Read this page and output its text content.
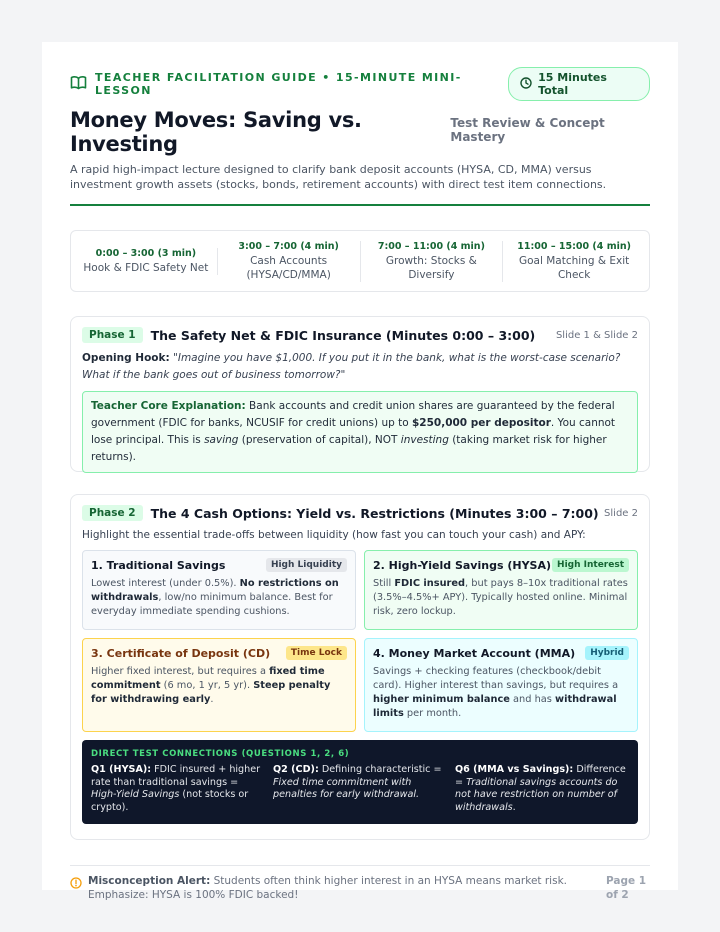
TEACHER FACILITATION GUIDE • 15-MINUTE MINI-LESSON
15 Minutes Total
Money Moves: Saving vs. Investing
Test Review & Concept Mastery

A rapid high-impact lecture designed to clarify bank deposit accounts (HYSA, CD, MMA) versus investment growth assets (stocks, bonds, retirement accounts) with direct test item connections.

0:00 – 3:00 (3 min)
Hook & FDIC Safety Net
3:00 – 7:00 (4 min)
Cash Accounts (HYSA/CD/MMA)
7:00 – 11:00 (4 min)
Growth: Stocks & Diversify
11:00 – 15:00 (4 min)
Goal Matching & Exit Check
Phase 1	The Safety Net & FDIC Insurance (Minutes 0:00 – 3:00) Slide 1 & Slide 2

Opening Hook: "Imagine you have $1,000. If you put it in the bank, what is the worst-case scenario? What if the bank goes out of business tomorrow?"

Teacher Core Explanation: Bank accounts and credit union shares are guaranteed by the federal government (FDIC for banks, NCUSIF for credit unions) up to $250,000 per depositor. You cannot lose principal. This is saving (preservation of capital), NOT investing (taking market risk for higher returns).
Phase 2	The 4 Cash Options: Yield vs. Restrictions (Minutes 3:00 – 7:00) Slide 2

Highlight the essential trade-offs between liquidity (how fast you can touch your cash) and APY:

1. Traditional Savings	High Liquidity

Lowest interest (under 0.5%). No restrictions on withdrawals, low/no minimum balance. Best for everyday immediate spending cushions.

2. High-Yield Savings (HYSA) High Interest

Still FDIC insured, but pays 8–10x traditional rates (3.5%–4.5%+ APY). Typically hosted online. Minimal risk, zero lockup.

3. Certificate of Deposit (CD)	Time Lock

Higher fixed interest, but requires a fixed time commitment (6 mo, 1 yr, 5 yr). Steep penalty for withdrawing early.

4. Money Market Account (MMA)	Hybrid

Savings + checking features (checkbook/debit card). Higher interest than savings, but requires a higher minimum balance and has withdrawal limits per month.

DIRECT TEST CONNECTIONS (QUESTIONS 1, 2, 6)

Q1 (HYSA): FDIC insured + higher rate than traditional savings = High-Yield Savings (not stocks or crypto).

Q2 (CD): Defining characteristic = Fixed time commitment with penalties for early withdrawal.

Q6 (MMA vs Savings): Difference = Traditional savings accounts do not have restriction on number of withdrawals.

Misconception Alert: Students often think higher interest in an HYSA means market risk. Emphasize: HYSA is 100% FDIC backed!

Page 1 of 2
